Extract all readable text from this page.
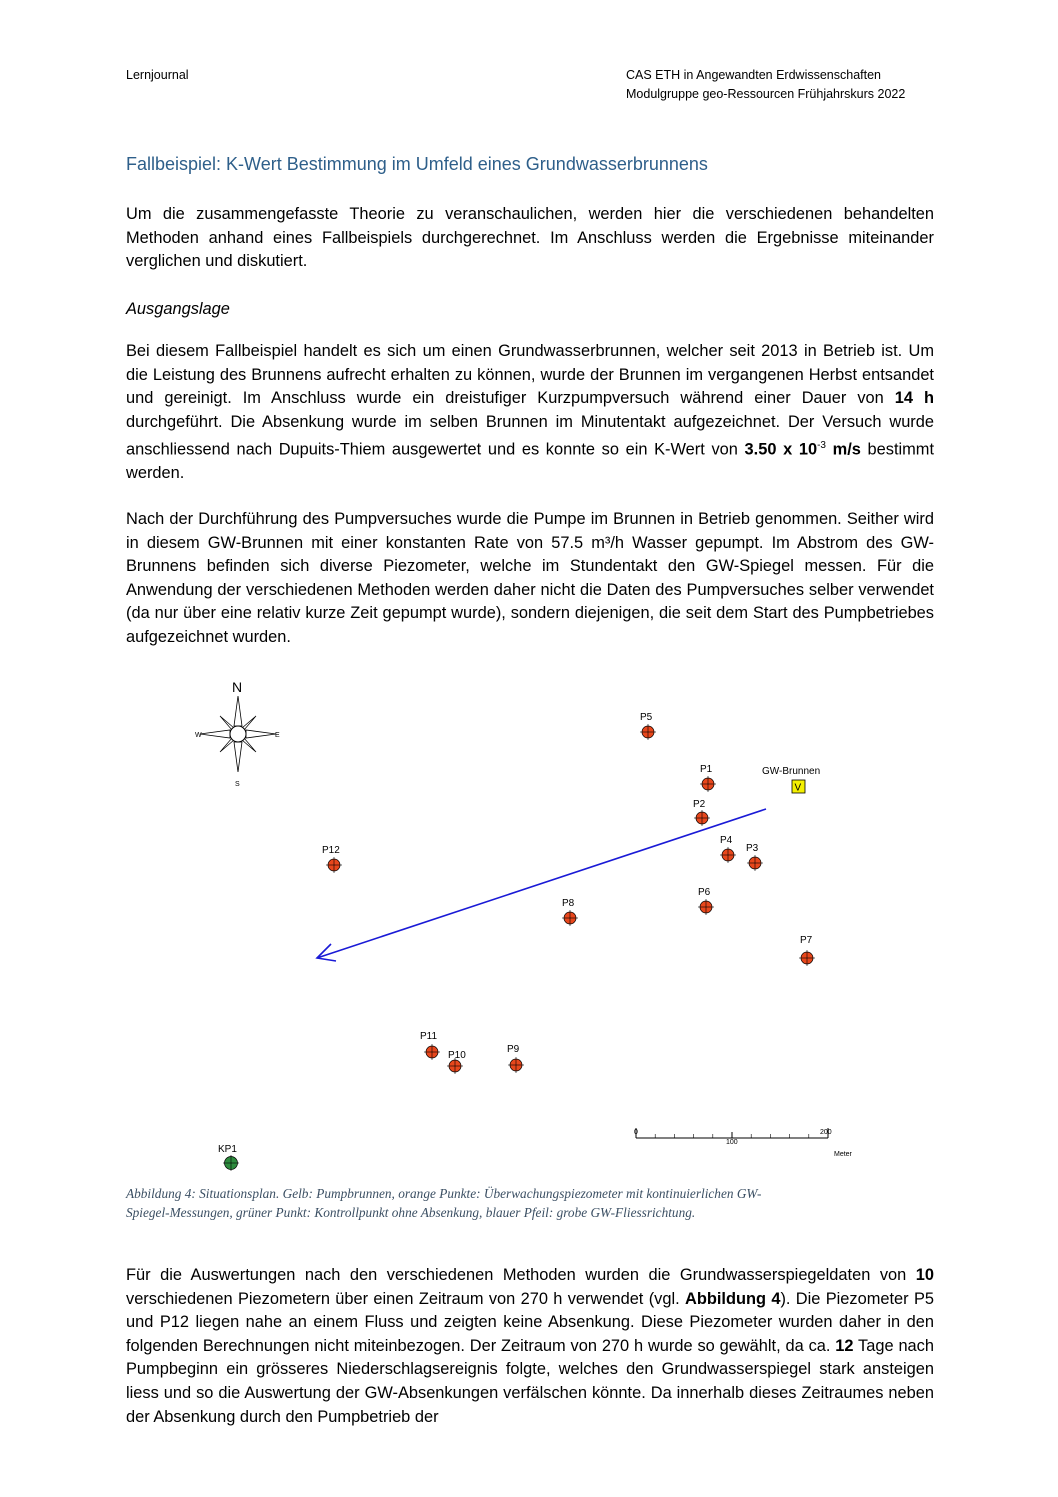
Lernjournal	CAS ETH in Angewandten Erdwissenschaften
Modulgruppe geo-Ressourcen Frühjahrskurs 2022
Fallbeispiel: K-Wert Bestimmung im Umfeld eines Grundwasserbrunnens
Um die zusammengefasste Theorie zu veranschaulichen, werden hier die verschiedenen behandelten Methoden anhand eines Fallbeispiels durchgerechnet. Im Anschluss werden die Ergebnisse miteinander verglichen und diskutiert.
Ausgangslage
Bei diesem Fallbeispiel handelt es sich um einen Grundwasserbrunnen, welcher seit 2013 in Betrieb ist. Um die Leistung des Brunnens aufrecht erhalten zu können, wurde der Brunnen im vergangenen Herbst entsandet und gereinigt. Im Anschluss wurde ein dreistufiger Kurzpumpversuch während einer Dauer von 14 h durchgeführt. Die Absenkung wurde im selben Brunnen im Minutentakt aufgezeichnet. Der Versuch wurde anschliessend nach Dupuits-Thiem ausgewertet und es konnte so ein K-Wert von 3.50 x $10^{-3}$ m/s bestimmt werden.
Nach der Durchführung des Pumpversuches wurde die Pumpe im Brunnen in Betrieb genommen. Seither wird in diesem GW-Brunnen mit einer konstanten Rate von 57.5 m³/h Wasser gepumpt. Im Abstrom des GW-Brunnens befinden sich diverse Piezometer, welche im Stundentakt den GW-Spiegel messen. Für die Anwendung der verschiedenen Methoden werden daher nicht die Daten des Pumpversuches selber verwendet (da nur über eine relativ kurze Zeit gepumpt wurde), sondern diejenigen, die seit dem Start des Pumpbetriebes aufgezeichnet wurden.
N
S
E
W
V
GW-Brunnen
P5
P1
P2
P4
P3
P12
P6
P8
P7
P11
P10
P9
KP1
0
100
200
Meter
Abbildung 4: Situationsplan. Gelb: Pumpbrunnen, orange Punkte: Überwachungspiezometer mit kontinuierlichen GW-
Spiegel-Messungen, grüner Punkt: Kontrollpunkt ohne Absenkung, blauer Pfeil: grobe GW-Fliessrichtung.
Für die Auswertungen nach den verschiedenen Methoden wurden die Grundwasserspiegeldaten von 10 verschiedenen Piezometern über einen Zeitraum von 270 h verwendet (vgl. Abbildung 4). Die Piezometer P5 und P12 liegen nahe an einem Fluss und zeigten keine Absenkung. Diese Piezometer wurden daher in den folgenden Berechnungen nicht miteinbezogen. Der Zeitraum von 270 h wurde so gewählt, da ca. 12 Tage nach Pumpbeginn ein grösseres Niederschlagsereignis folgte, welches den Grundwasserspiegel stark ansteigen liess und so die Auswertung der GW-Absenkungen verfälschen könnte. Da innerhalb dieses Zeitraumes neben der Absenkung durch den Pumpbetrieb der
